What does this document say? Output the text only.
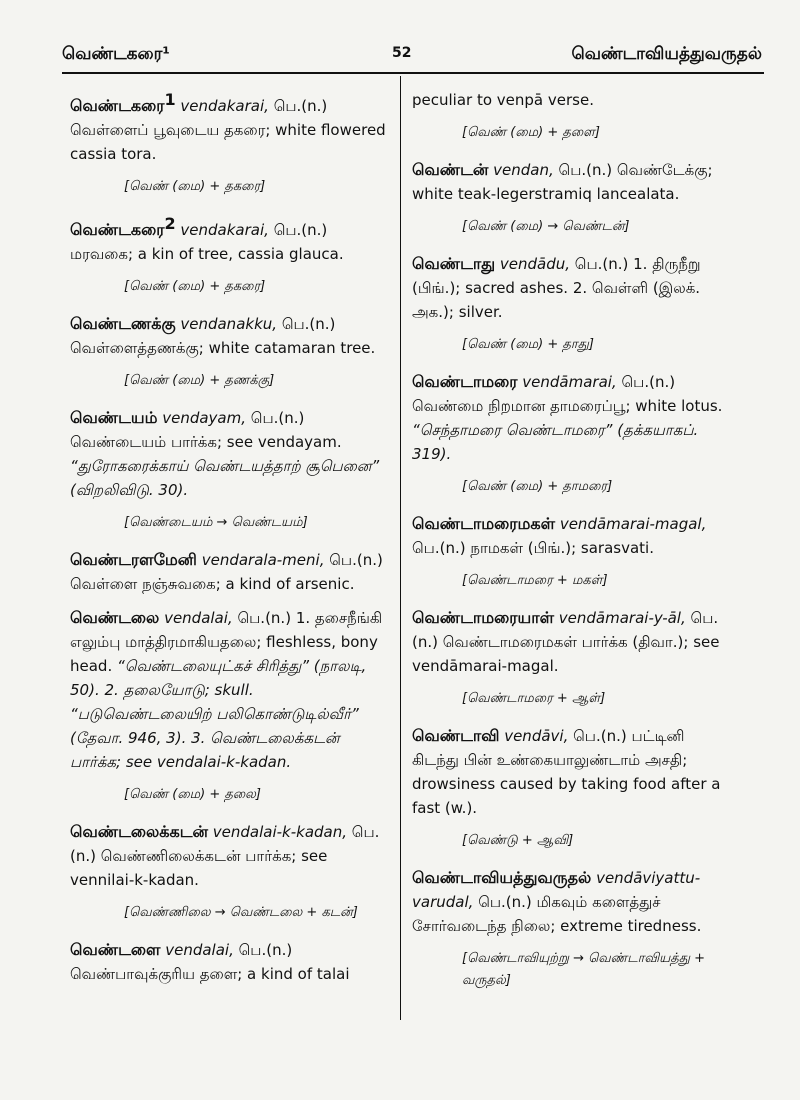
வெண்டகரை¹	52	வெண்டாவியத்துவருதல்
வெண்டகரை$^1$ vendakarai, பெ.(n.) வெள்ளைப் பூவுடைய தகரை; white flowered cassia tora.
[வெண் (மை) + தகரை]
வெண்டகரை$^2$ vendakarai, பெ.(n.) மரவகை; a kin of tree, cassia glauca.
[வெண் (மை) + தகரை]
வெண்டணக்கு vendanakku, பெ.(n.) வெள்ளைத்தணக்கு; white catamaran tree.
[வெண் (மை) + தணக்கு]
வெண்டயம் vendayam, பெ.(n.) வெண்டையம் பார்க்க; see vendayam. “துரோகரைக்காய் வெண்டயத்தாற் சூபெனை” (விறலிவிடு. 30).
[வெண்டையம் → வெண்டயம்]
வெண்டரளமேனி vendarala-meni, பெ.(n.) வெள்ளை நஞ்சுவகை; a kind of arsenic.
வெண்டலை vendalai, பெ.(n.) 1. தசைநீங்கி எலும்பு மாத்திரமாகியதலை; fleshless, bony head. “வெண்டலையுட்கச் சிரித்து” (நாலடி, 50). 2. தலையோடு; skull. “படுவெண்டலையிற் பலிகொண்டுடில்வீர்” (தேவா. 946, 3). 3. வெண்டலைக்கடன் பார்க்க; see vendalai-k-kadan.
[வெண் (மை) + தலை]
வெண்டலைக்கடன் vendalai-k-kadan, பெ.(n.) வெண்ணிலைக்கடன் பார்க்க; see vennilai-k-kadan.
[வெண்ணிலை → வெண்டலை + கடன்]
வெண்டளை vendalai, பெ.(n.) வெண்பாவுக்குரிய தளை; a kind of talai
peculiar to venpā verse.
[வெண் (மை) + தளை]
வெண்டன் vendan, பெ.(n.) வெண்டேக்கு; white teak-legerstramiq lancealata.
[வெண் (மை) → வெண்டன்]
வெண்டாது vendādu, பெ.(n.) 1. திருநீறு (பிங்.); sacred ashes. 2. வெள்ளி (இலக். அக.); silver.
[வெண் (மை) + தாது]
வெண்டாமரை vendāmarai, பெ.(n.) வெண்மை நிறமான தாமரைப்பூ; white lotus. “செந்தாமரை வெண்டாமரை” (தக்கயாகப். 319).
[வெண் (மை) + தாமரை]
வெண்டாமரைமகள் vendāmarai-magal, பெ.(n.) நாமகள் (பிங்.); sarasvati.
[வெண்டாமரை + மகள்]
வெண்டாமரையாள் vendāmarai-y-āl, பெ.(n.) வெண்டாமரைமகள் பார்க்க (திவா.); see vendāmarai-magal.
[வெண்டாமரை + ஆள்]
வெண்டாவி vendāvi, பெ.(n.) பட்டினி கிடந்து பின் உண்கையாலுண்டாம் அசதி; drowsiness caused by taking food after a fast (w.).
[வெண்டு + ஆவி]
வெண்டாவியத்துவருதல் vendāviyattu-varudal, பெ.(n.) மிகவும் களைத்துச் சோர்வடைந்த நிலை; extreme tiredness.
[வெண்டாவியுற்று → வெண்டாவியத்து + வருதல்]
